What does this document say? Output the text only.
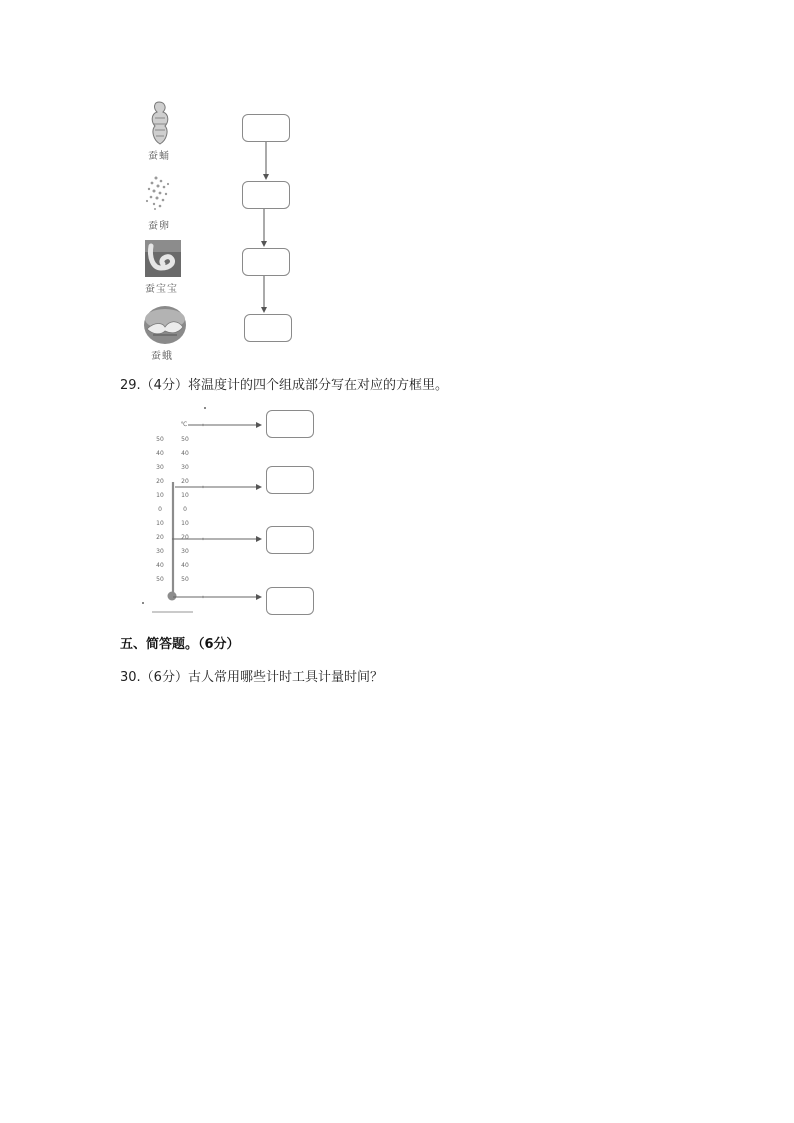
蚕蛹
蚕卵
蚕宝宝
蚕蛾
29.（4分）将温度计的四个组成部分写在对应的方框里。
℃
50
40
30
20
10
0
10
20
30
40
50
50
40
30
20
10
0
10
20
30
40
50
五、简答题。（6分）
30.（6分）古人常用哪些计时工具计量时间？
